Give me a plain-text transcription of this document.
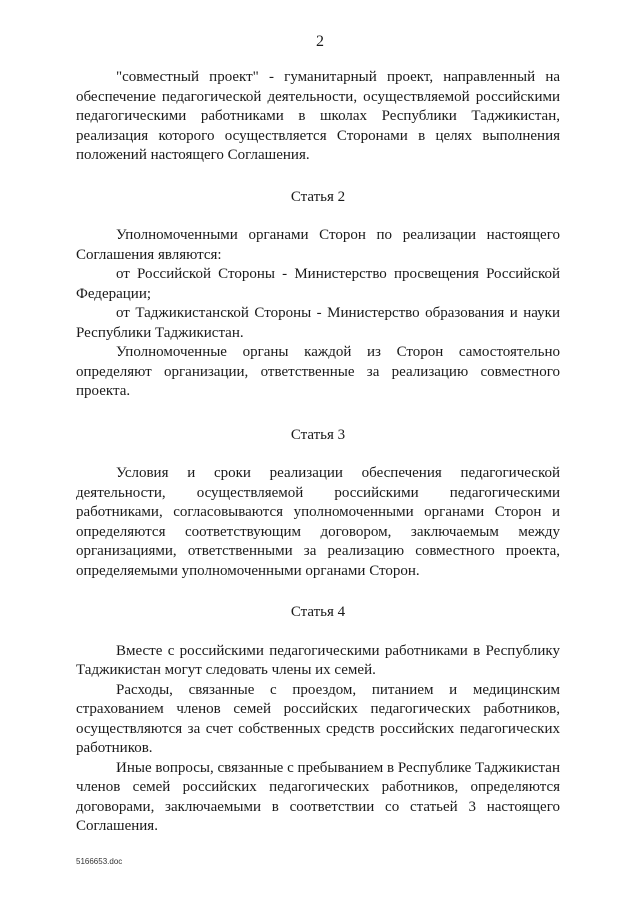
2

"совместный проект" - гуманитарный проект, направленный на обеспечение педагогической деятельности, осуществляемой российскими педагогическими работниками в школах Республики Таджикистан, реализация которого осуществляется Сторонами в целях выполнения положений настоящего Соглашения.

Статья 2

Уполномоченными органами Сторон по реализации настоящего Соглашения являются:

от Российской Стороны - Министерство просвещения Российской Федерации;

от Таджикистанской Стороны - Министерство образования и науки Республики Таджикистан.

Уполномоченные органы каждой из Сторон самостоятельно определяют организации, ответственные за реализацию совместного проекта.

Статья 3

Условия и сроки реализации обеспечения педагогической деятельности, осуществляемой российскими педагогическими работниками, согласовываются уполномоченными органами Сторон и определяются соответствующим договором, заключаемым между организациями, ответственными за реализацию совместного проекта, определяемыми уполномоченными органами Сторон.

Статья 4

Вместе с российскими педагогическими работниками в Республику Таджикистан могут следовать члены их семей.

Расходы, связанные с проездом, питанием и медицинским страхованием членов семей российских педагогических работников, осуществляются за счет собственных средств российских педагогических работников.

Иные вопросы, связанные с пребыванием в Республике Таджикистан членов семей российских педагогических работников, определяются договорами, заключаемыми в соответствии со статьей 3 настоящего Соглашения.

5166653.doc
